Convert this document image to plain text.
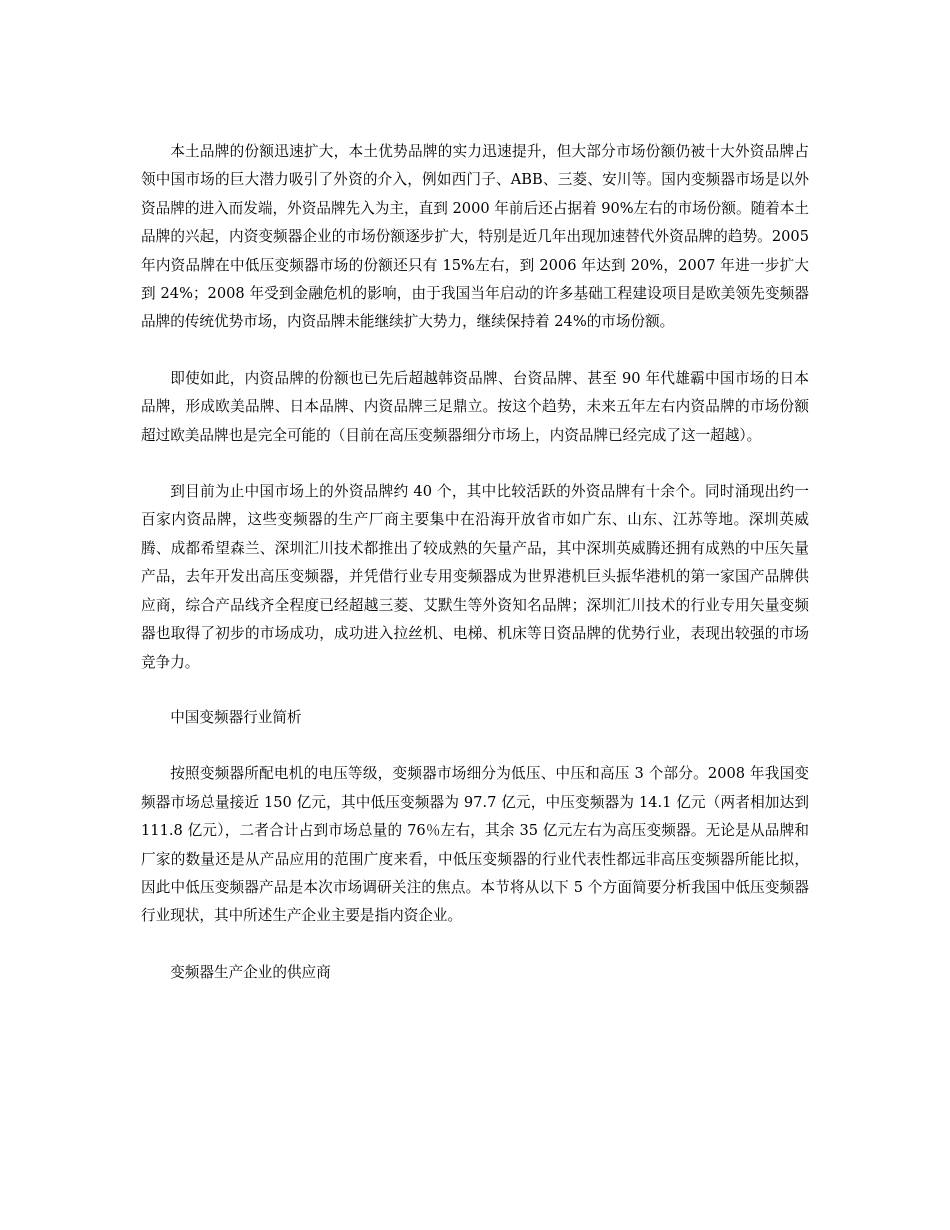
本土品牌的份额迅速扩大，本土优势品牌的实力迅速提升，但大部分市场份额仍被十大外资品牌占领中国市场的巨大潜力吸引了外资的介入，例如西门子、ABB、三菱、安川等。国内变频器市场是以外资品牌的进入而发端，外资品牌先入为主，直到 2000 年前后还占据着 90%左右的市场份额。随着本土品牌的兴起，内资变频器企业的市场份额逐步扩大，特别是近几年出现加速替代外资品牌的趋势。2005 年内资品牌在中低压变频器市场的份额还只有 15%左右，到 2006 年达到 20%，2007 年进一步扩大到 24%；2008 年受到金融危机的影响，由于我国当年启动的许多基础工程建设项目是欧美领先变频器品牌的传统优势市场，内资品牌未能继续扩大势力，继续保持着 24%的市场份额。

即使如此，内资品牌的份额也已先后超越韩资品牌、台资品牌、甚至 90 年代雄霸中国市场的日本品牌，形成欧美品牌、日本品牌、内资品牌三足鼎立。按这个趋势，未来五年左右内资品牌的市场份额超过欧美品牌也是完全可能的（目前在高压变频器细分市场上，内资品牌已经完成了这一超越）。

到目前为止中国市场上的外资品牌约 40 个，其中比较活跃的外资品牌有十余个。同时涌现出约一百家内资品牌，这些变频器的生产厂商主要集中在沿海开放省市如广东、山东、江苏等地。深圳英威腾、成都希望森兰、深圳汇川技术都推出了较成熟的矢量产品，其中深圳英威腾还拥有成熟的中压矢量产品，去年开发出高压变频器，并凭借行业专用变频器成为世界港机巨头振华港机的第一家国产品牌供应商，综合产品线齐全程度已经超越三菱、艾默生等外资知名品牌；深圳汇川技术的行业专用矢量变频器也取得了初步的市场成功，成功进入拉丝机、电梯、机床等日资品牌的优势行业，表现出较强的市场竞争力。

中国变频器行业简析

按照变频器所配电机的电压等级，变频器市场细分为低压、中压和高压 3 个部分。2008 年我国变频器市场总量接近 150 亿元，其中低压变频器为 97.7 亿元，中压变频器为 14.1 亿元（两者相加达到 111.8 亿元），二者合计占到市场总量的 76％左右，其余 35 亿元左右为高压变频器。无论是从品牌和厂家的数量还是从产品应用的范围广度来看，中低压变频器的行业代表性都远非高压变频器所能比拟，因此中低压变频器产品是本次市场调研关注的焦点。本节将从以下 5 个方面简要分析我国中低压变频器行业现状，其中所述生产企业主要是指内资企业。

变频器生产企业的供应商
